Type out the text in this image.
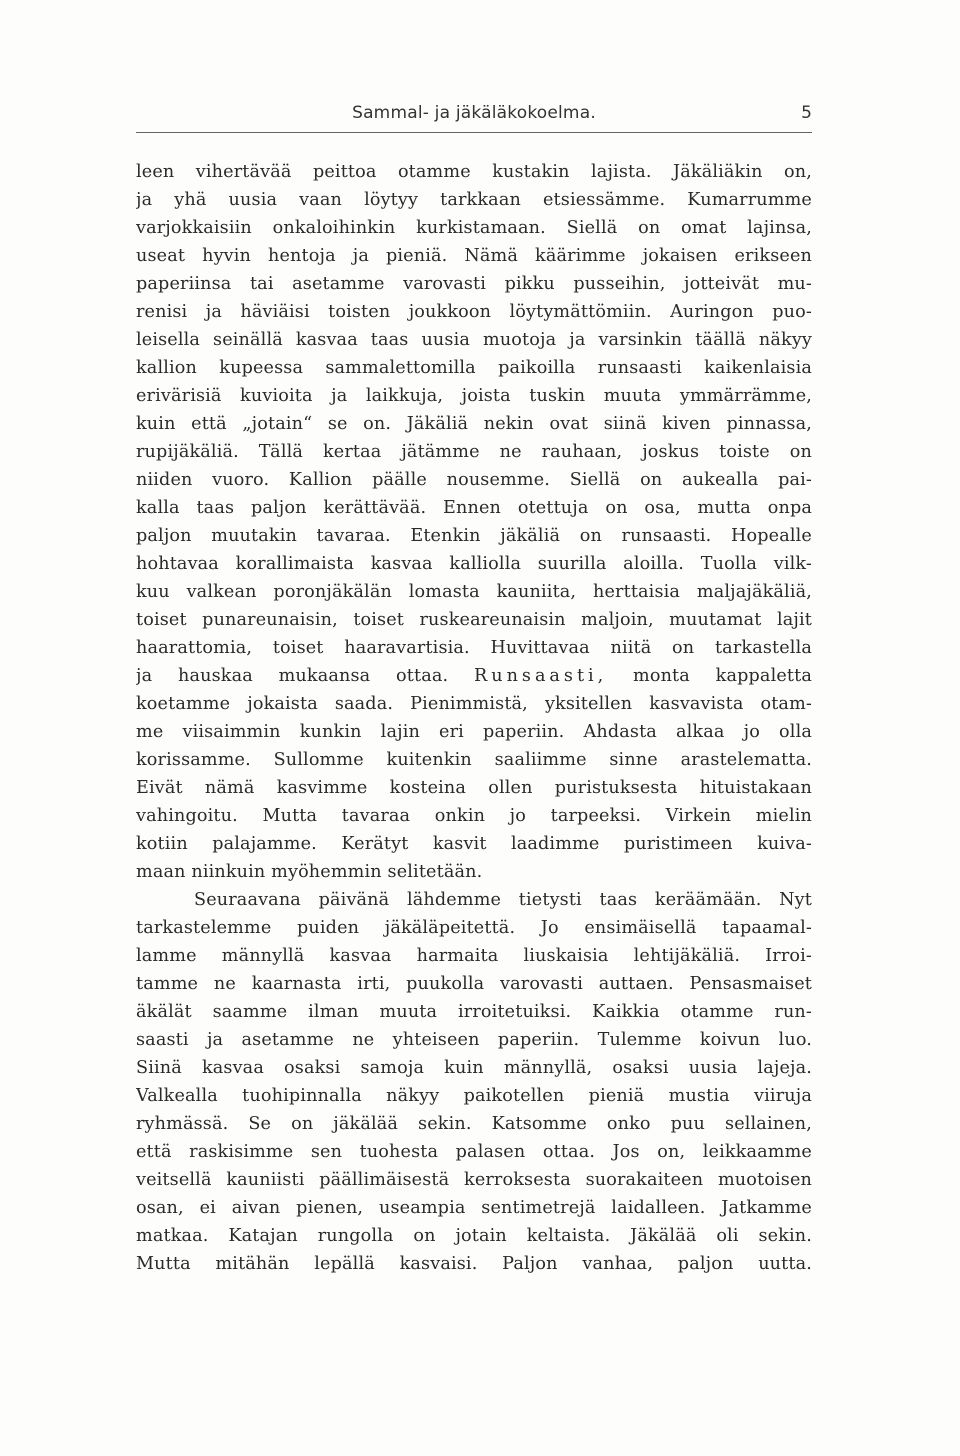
Sammal- ja jäkäläkokoelma.	5
leen vihertävää peittoa otamme kustakin lajista. Jäkäliäkin on,
ja yhä uusia vaan löytyy tarkkaan etsiessämme. Kumarrumme
varjokkaisiin onkaloihinkin kurkistamaan. Siellä on omat lajinsa,
useat hyvin hentoja ja pieniä. Nämä käärimme jokaisen erikseen
paperiinsa tai asetamme varovasti pikku pusseihin, jotteivät mu-
renisi ja häviäisi toisten joukkoon löytymättömiin. Auringon puo-
leisella seinällä kasvaa taas uusia muotoja ja varsinkin täällä näkyy
kallion kupeessa sammalettomilla paikoilla runsaasti kaikenlaisia
erivärisiä kuvioita ja laikkuja, joista tuskin muuta ymmärrämme,
kuin että „jotain“ se on. Jäkäliä nekin ovat siinä kiven pinnassa,
rupijäkäliä. Tällä kertaa jätämme ne rauhaan, joskus toiste on
niiden vuoro. Kallion päälle nousemme. Siellä on aukealla pai-
kalla taas paljon kerättävää. Ennen otettuja on osa, mutta onpa
paljon muutakin tavaraa. Etenkin jäkäliä on runsaasti. Hopealle
hohtavaa korallimaista kasvaa kalliolla suurilla aloilla. Tuolla vilk-
kuu valkean poronjäkälän lomasta kauniita, herttaisia maljajäkäliä,
toiset punareunaisin, toiset ruskeareunaisin maljoin, muutamat lajit
haarattomia, toiset haaravartisia. Huvittavaa niitä on tarkastella
ja hauskaa mukaansa ottaa. Runsaasti, monta kappaletta
koetamme jokaista saada. Pienimmistä, yksitellen kasvavista otam-
me viisaimmin kunkin lajin eri paperiin. Ahdasta alkaa jo olla
korissamme. Sullomme kuitenkin saaliimme sinne arastelematta.
Eivät nämä kasvimme kosteina ollen puristuksesta hituistakaan
vahingoitu. Mutta tavaraa onkin jo tarpeeksi. Virkein mielin
kotiin palajamme. Kerätyt kasvit laadimme puristimeen kuiva-
maan niinkuin myöhemmin selitetään.
Seuraavana päivänä lähdemme tietysti taas keräämään. Nyt
tarkastelemme puiden jäkäläpeitettä. Jo ensimäisellä tapaamal-
lamme männyllä kasvaa harmaita liuskaisia lehtijäkäliä. Irroi-
tamme ne kaarnasta irti, puukolla varovasti auttaen. Pensasmaiset
äkälät saamme ilman muuta irroitetuiksi. Kaikkia otamme run-
saasti ja asetamme ne yhteiseen paperiin. Tulemme koivun luo.
Siinä kasvaa osaksi samoja kuin männyllä, osaksi uusia lajeja.
Valkealla tuohipinnalla näkyy paikotellen pieniä mustia viiruja
ryhmässä. Se on jäkälää sekin. Katsomme onko puu sellainen,
että raskisimme sen tuohesta palasen ottaa. Jos on, leikkaamme
veitsellä kauniisti päällimäisestä kerroksesta suorakaiteen muotoisen
osan, ei aivan pienen, useampia sentimetrejä laidalleen. Jatkamme
matkaa. Katajan rungolla on jotain keltaista. Jäkälää oli sekin.
Mutta mitähän lepällä kasvaisi. Paljon vanhaa, paljon uutta.
